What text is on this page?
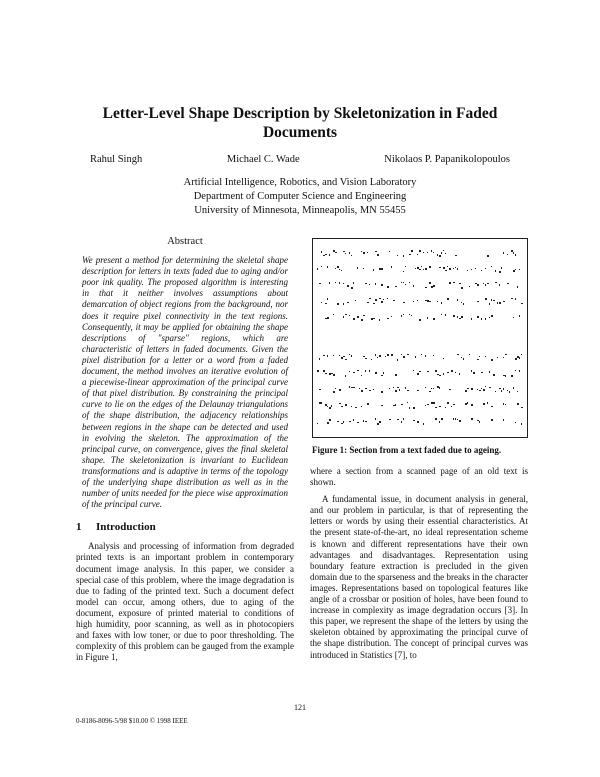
Letter-Level Shape Description by Skeletonization in Faded Documents
Rahul Singh	Michael C. Wade	Nikolaos P. Papanikolopoulos
Artificial Intelligence, Robotics, and Vision Laboratory
Department of Computer Science and Engineering
University of Minnesota, Minneapolis, MN 55455
Abstract
We present a method for determining the skeletal shape description for letters in texts faded due to aging and/or poor ink quality. The proposed algorithm is interesting in that it neither involves assumptions about demarcation of object regions from the background, nor does it require pixel connectivity in the text regions. Consequently, it may be applied for obtaining the shape descriptions of "sparse" regions, which are characteristic of letters in faded documents. Given the pixel distribution for a letter or a word from a faded document, the method involves an iterative evolution of a piecewise-linear approximation of the principal curve of that pixel distribution. By constraining the principal curve to lie on the edges of the Delaunay triangulations of the shape distribution, the adjacency relationships between regions in the shape can be detected and used in evolving the skeleton. The approximation of the principal curve, on convergence, gives the final skeletal shape. The skeletonization is invariant to Euclidean transformations and is adaptive in terms of the topology of the underlying shape distribution as well as in the number of units needed for the piece wise approximation of the principal curve.
1 Introduction
Analysis and processing of information from degraded printed texts is an important problem in contemporary document image analysis. In this paper, we consider a special case of this problem, where the image degradation is due to fading of the printed text. Such a document defect model can occur, among others, due to aging of the document, exposure of printed material to conditions of high humidity, poor scanning, as well as in photocopiers and faxes with low toner, or due to poor thresholding. The complexity of this problem can be gauged from the example in Figure 1,
Figure 1: Section from a text faded due to ageing.
where a section from a scanned page of an old text is shown.
A fundamental issue, in document analysis in general, and our problem in particular, is that of representing the letters or words by using their essential characteristics. At the present state-of-the-art, no ideal representation scheme is known and different representations have their own advantages and disadvantages. Representation using boundary feature extraction is precluded in the given domain due to the sparseness and the breaks in the character images. Representations based on topological features like angle of a crossbar or position of holes, have been found to increase in complexity as image degradation occurs [3]. In this paper, we represent the shape of the letters by using the skeleton obtained by approximating the principal curve of the shape distribution. The concept of principal curves was introduced in Statistics [7], to
121
0-8186-8096-5/98 $10.00 © 1998 IEEE
